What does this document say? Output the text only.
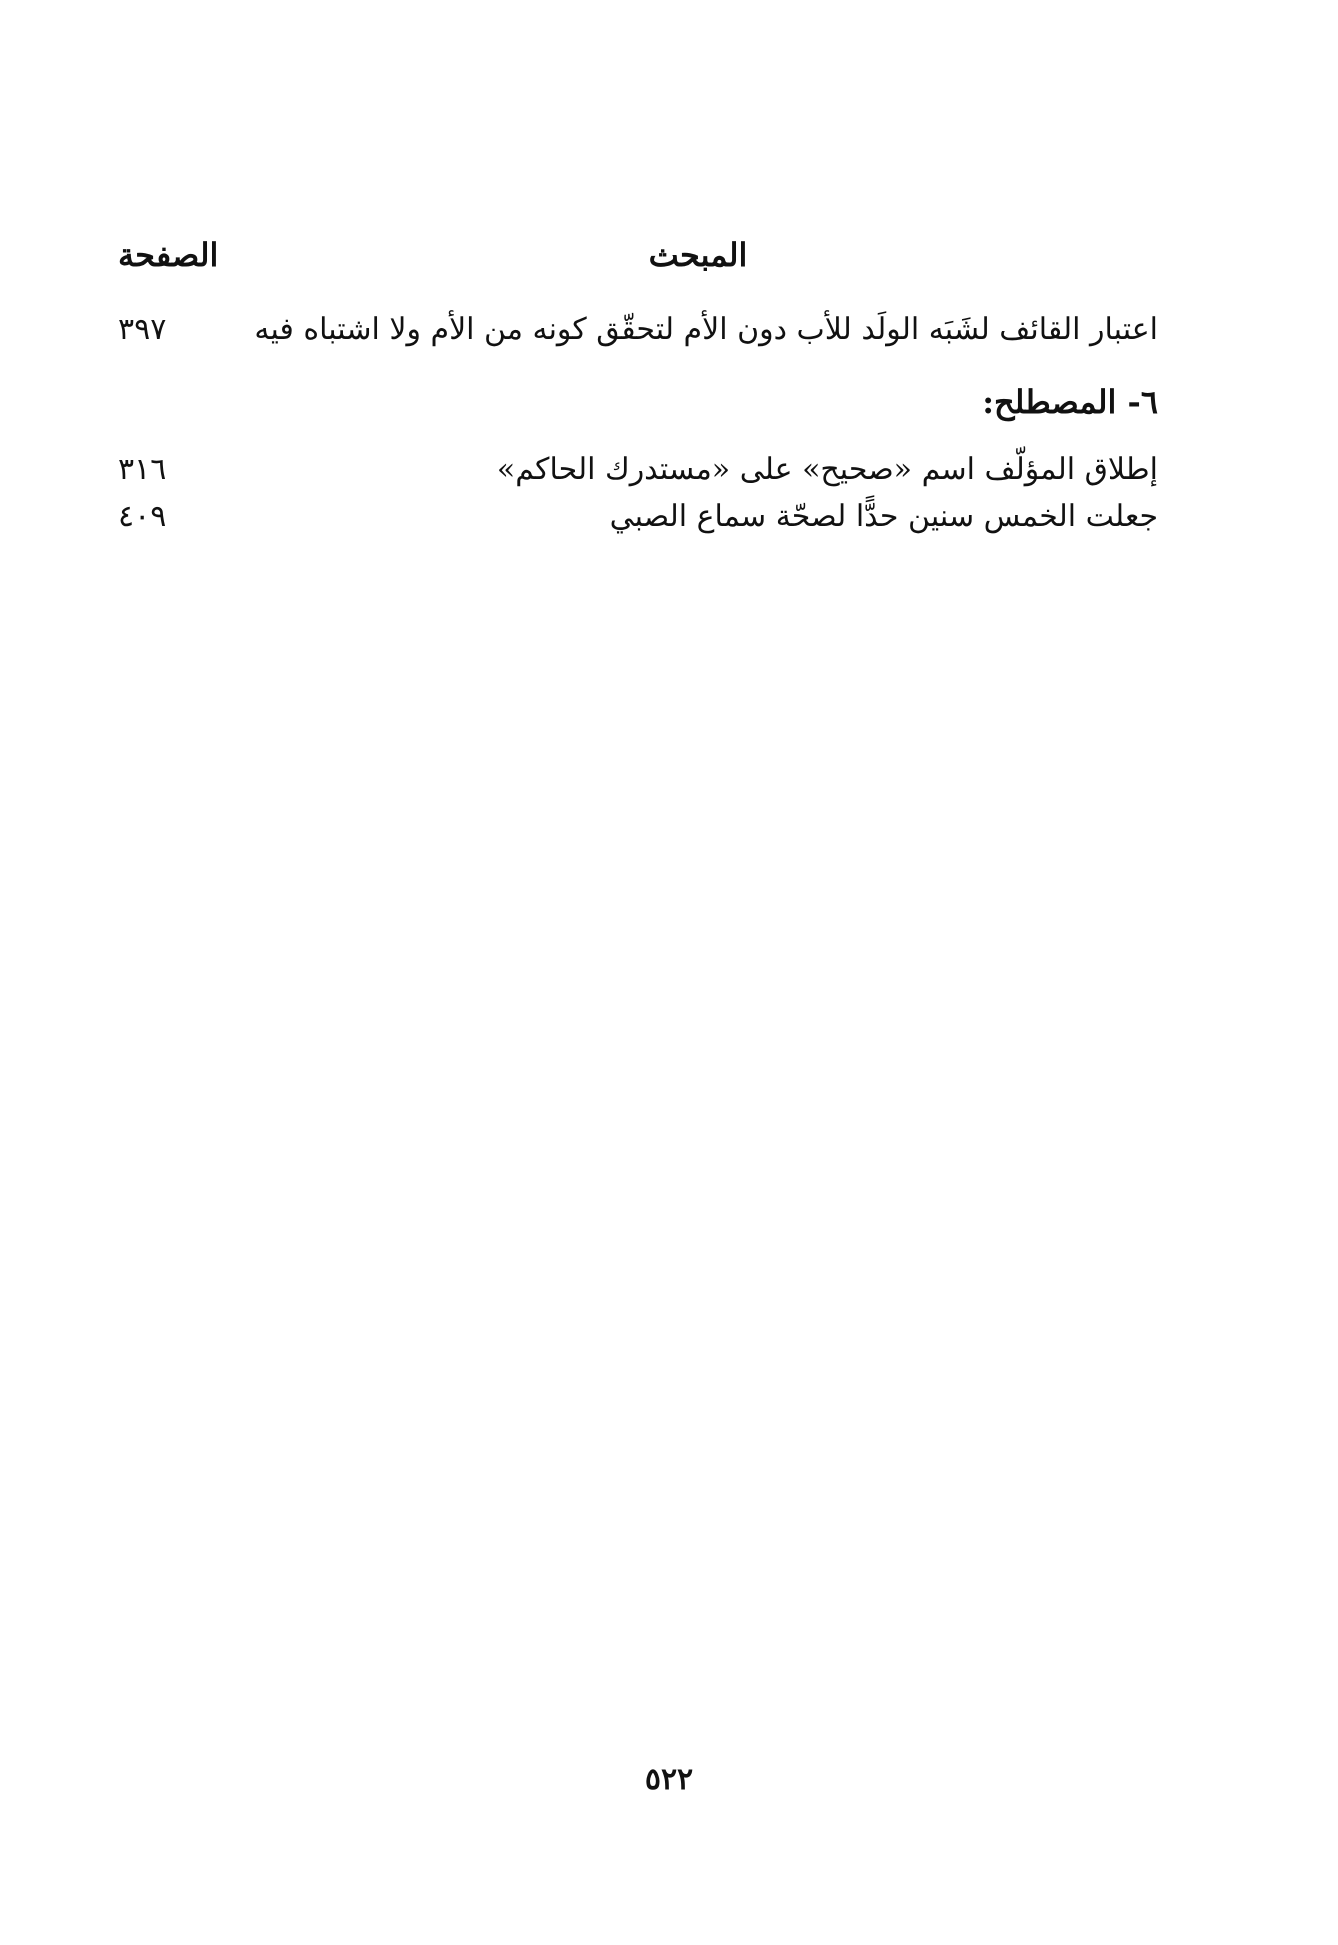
المبحث
الصفحة
اعتبار القائف لشَبَه الولَد للأب دون الأم لتحقّق كونه من الأم ولا اشتباه فيه
٣٩٧
٦- المصطلح:
إطلاق المؤلّف اسم «صحيح» على «مستدرك الحاكم»
٣١٦
جعلت الخمس سنين حدًّا لصحّة سماع الصبي
٤٠٩
٥٢٢
